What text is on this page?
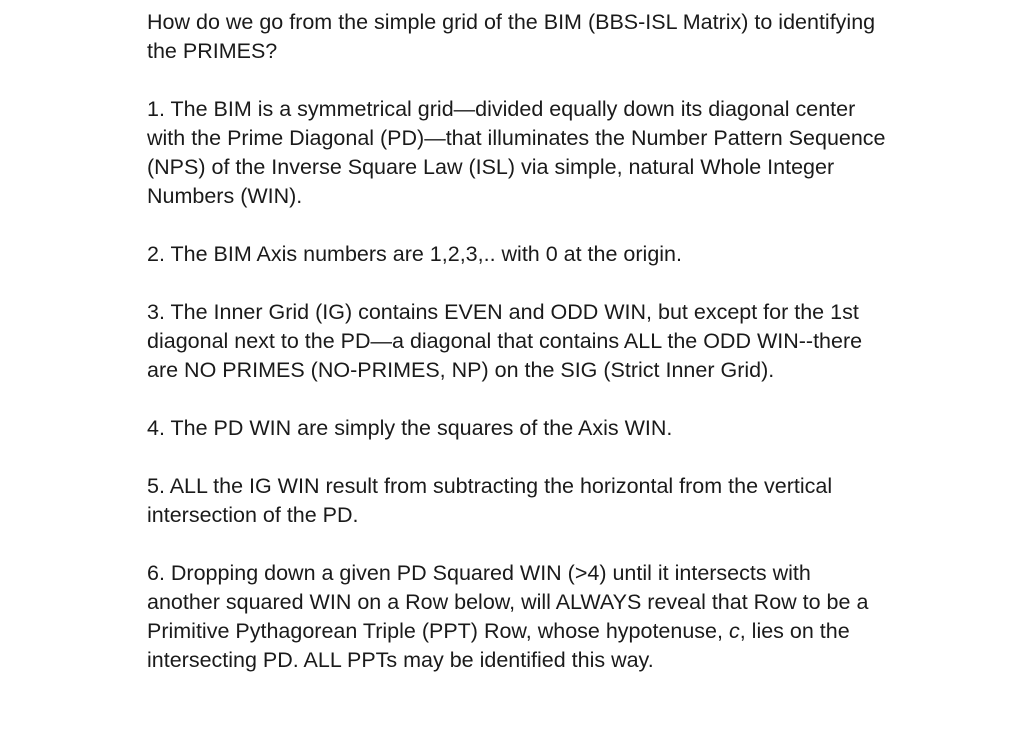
How do we go from the simple grid of the BIM (BBS-ISL Matrix) to identifying the PRIMES?

1. The BIM is a symmetrical grid—divided equally down its diagonal center with the Prime Diagonal (PD)—that illuminates the Number Pattern Sequence (NPS) of the Inverse Square Law (ISL) via simple, natural Whole Integer Numbers (WIN).

2. The BIM Axis numbers are 1,2,3,.. with 0 at the origin.

3. The Inner Grid (IG) contains EVEN and ODD WIN, but except for the 1st diagonal next to the PD—a diagonal that contains ALL the ODD WIN--there are NO PRIMES (NO-PRIMES, NP) on the SIG (Strict Inner Grid).

4. The PD WIN are simply the squares of the Axis WIN.

5. ALL the IG WIN result from subtracting the horizontal from the vertical intersection of the PD.

6. Dropping down a given PD Squared WIN (>4) until it intersects with another squared WIN on a Row below, will ALWAYS reveal that Row to be a Primitive Pythagorean Triple (PPT) Row, whose hypotenuse, c, lies on the intersecting PD. ALL PPTs may be identified this way.
